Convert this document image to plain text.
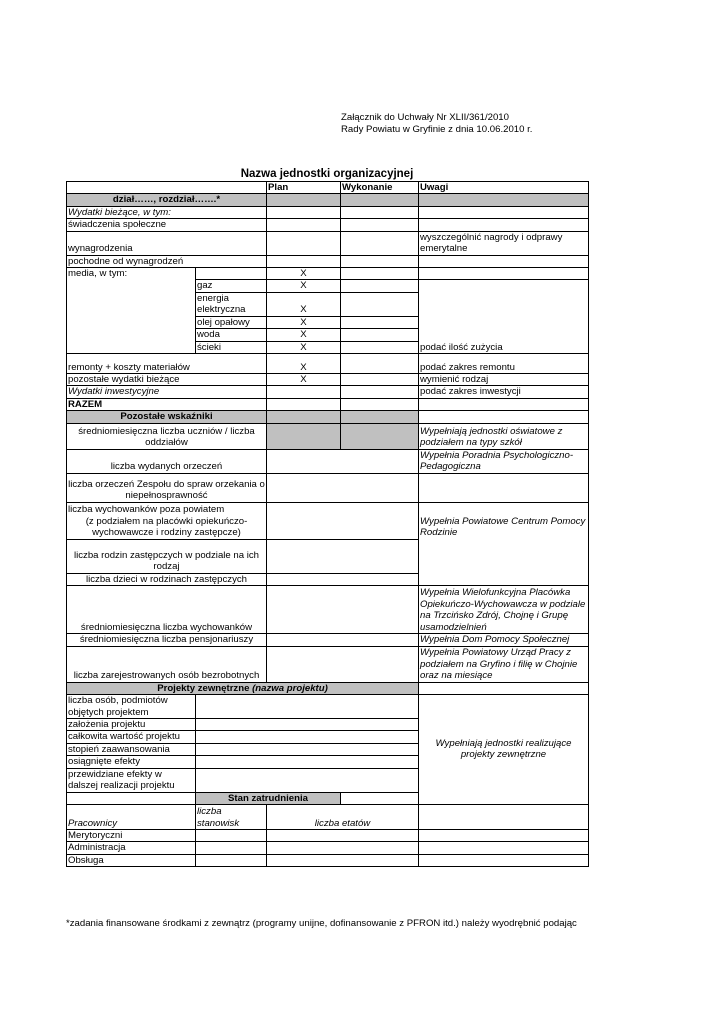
Załącznik do Uchwały Nr XLII/361/2010
Rady Powiatu w Gryfinie z dnia 10.06.2010 r.
Nazwa jednostki organizacyjnej
		Plan	Wykonanie	Uwagi
dział……, rozdział…….*				
Wydatki bieżące, w tym:				
świadczenia społeczne				
wynagrodzenia				wyszczególnić nagrody i odprawy emerytalne
pochodne od wynagrodzeń				
media, w tym:		X		
	gaz	X		podać ilość zużycia
	energia elektryczna	X		
	olej opałowy	X		
	woda	X		
	ścieki	X		
remonty + koszty materiałów		X		podać zakres remontu
pozostałe wydatki bieżące		X		wymienić rodzaj
Wydatki inwestycyjne				podać zakres inwestycji
RAZEM				
Pozostałe wskaźniki				
średniomiesięczna liczba uczniów / liczba oddziałów				Wypełniają jednostki oświatowe z podziałem na typy szkół
liczba wydanych orzeczeń				Wypełnia Poradnia Psychologiczno-Pedagogiczna
liczba orzeczeń Zespołu do spraw orzekania o niepełnosprawność				

liczba wychowanków poza powiatem
(z podziałem na placówki opiekuńczo-wychowawcze i rodziny zastępcze)				Wypełnia Powiatowe Centrum Pomocy Rodzinie
liczba rodzin zastępczych w podziale na ich rodzaj				
liczba dzieci w rodzinach zastępczych				
średniomiesięczna liczba wychowanków				Wypełnia Wielofunkcyjna Placówka Opiekuńczo-Wychowawcza w podziale na Trzcińsko Zdrój, Chojnę i Grupę usamodzielnień
średniomiesięczna liczba pensjonariuszy				Wypełnia Dom Pomocy Społecznej
liczba zarejestrowanych osób bezrobotnych				Wypełnia Powiatowy Urząd Pracy z podziałem na Gryfino i filię w Chojnie oraz na miesiące
Projekty zewnętrzne (nazwa projektu)				
liczba osób, podmiotów objętych projektem				Wypełniają jednostki realizujące projekty zewnętrzne
założenia projektu				
całkowita wartość projektu				
stopień zaawansowania				
osiągnięte efekty				
przewidziane efekty w dalszej realizacji projektu				
	Stan zatrudnienia			
Pracownicy	liczba stanowisk	liczba etatów		
Merytoryczni				
Administracja				
Obsługa				
*zadania finansowane środkami z zewnątrz (programy unijne, dofinansowanie z PFRON itd.) należy wyodrębnić podając
